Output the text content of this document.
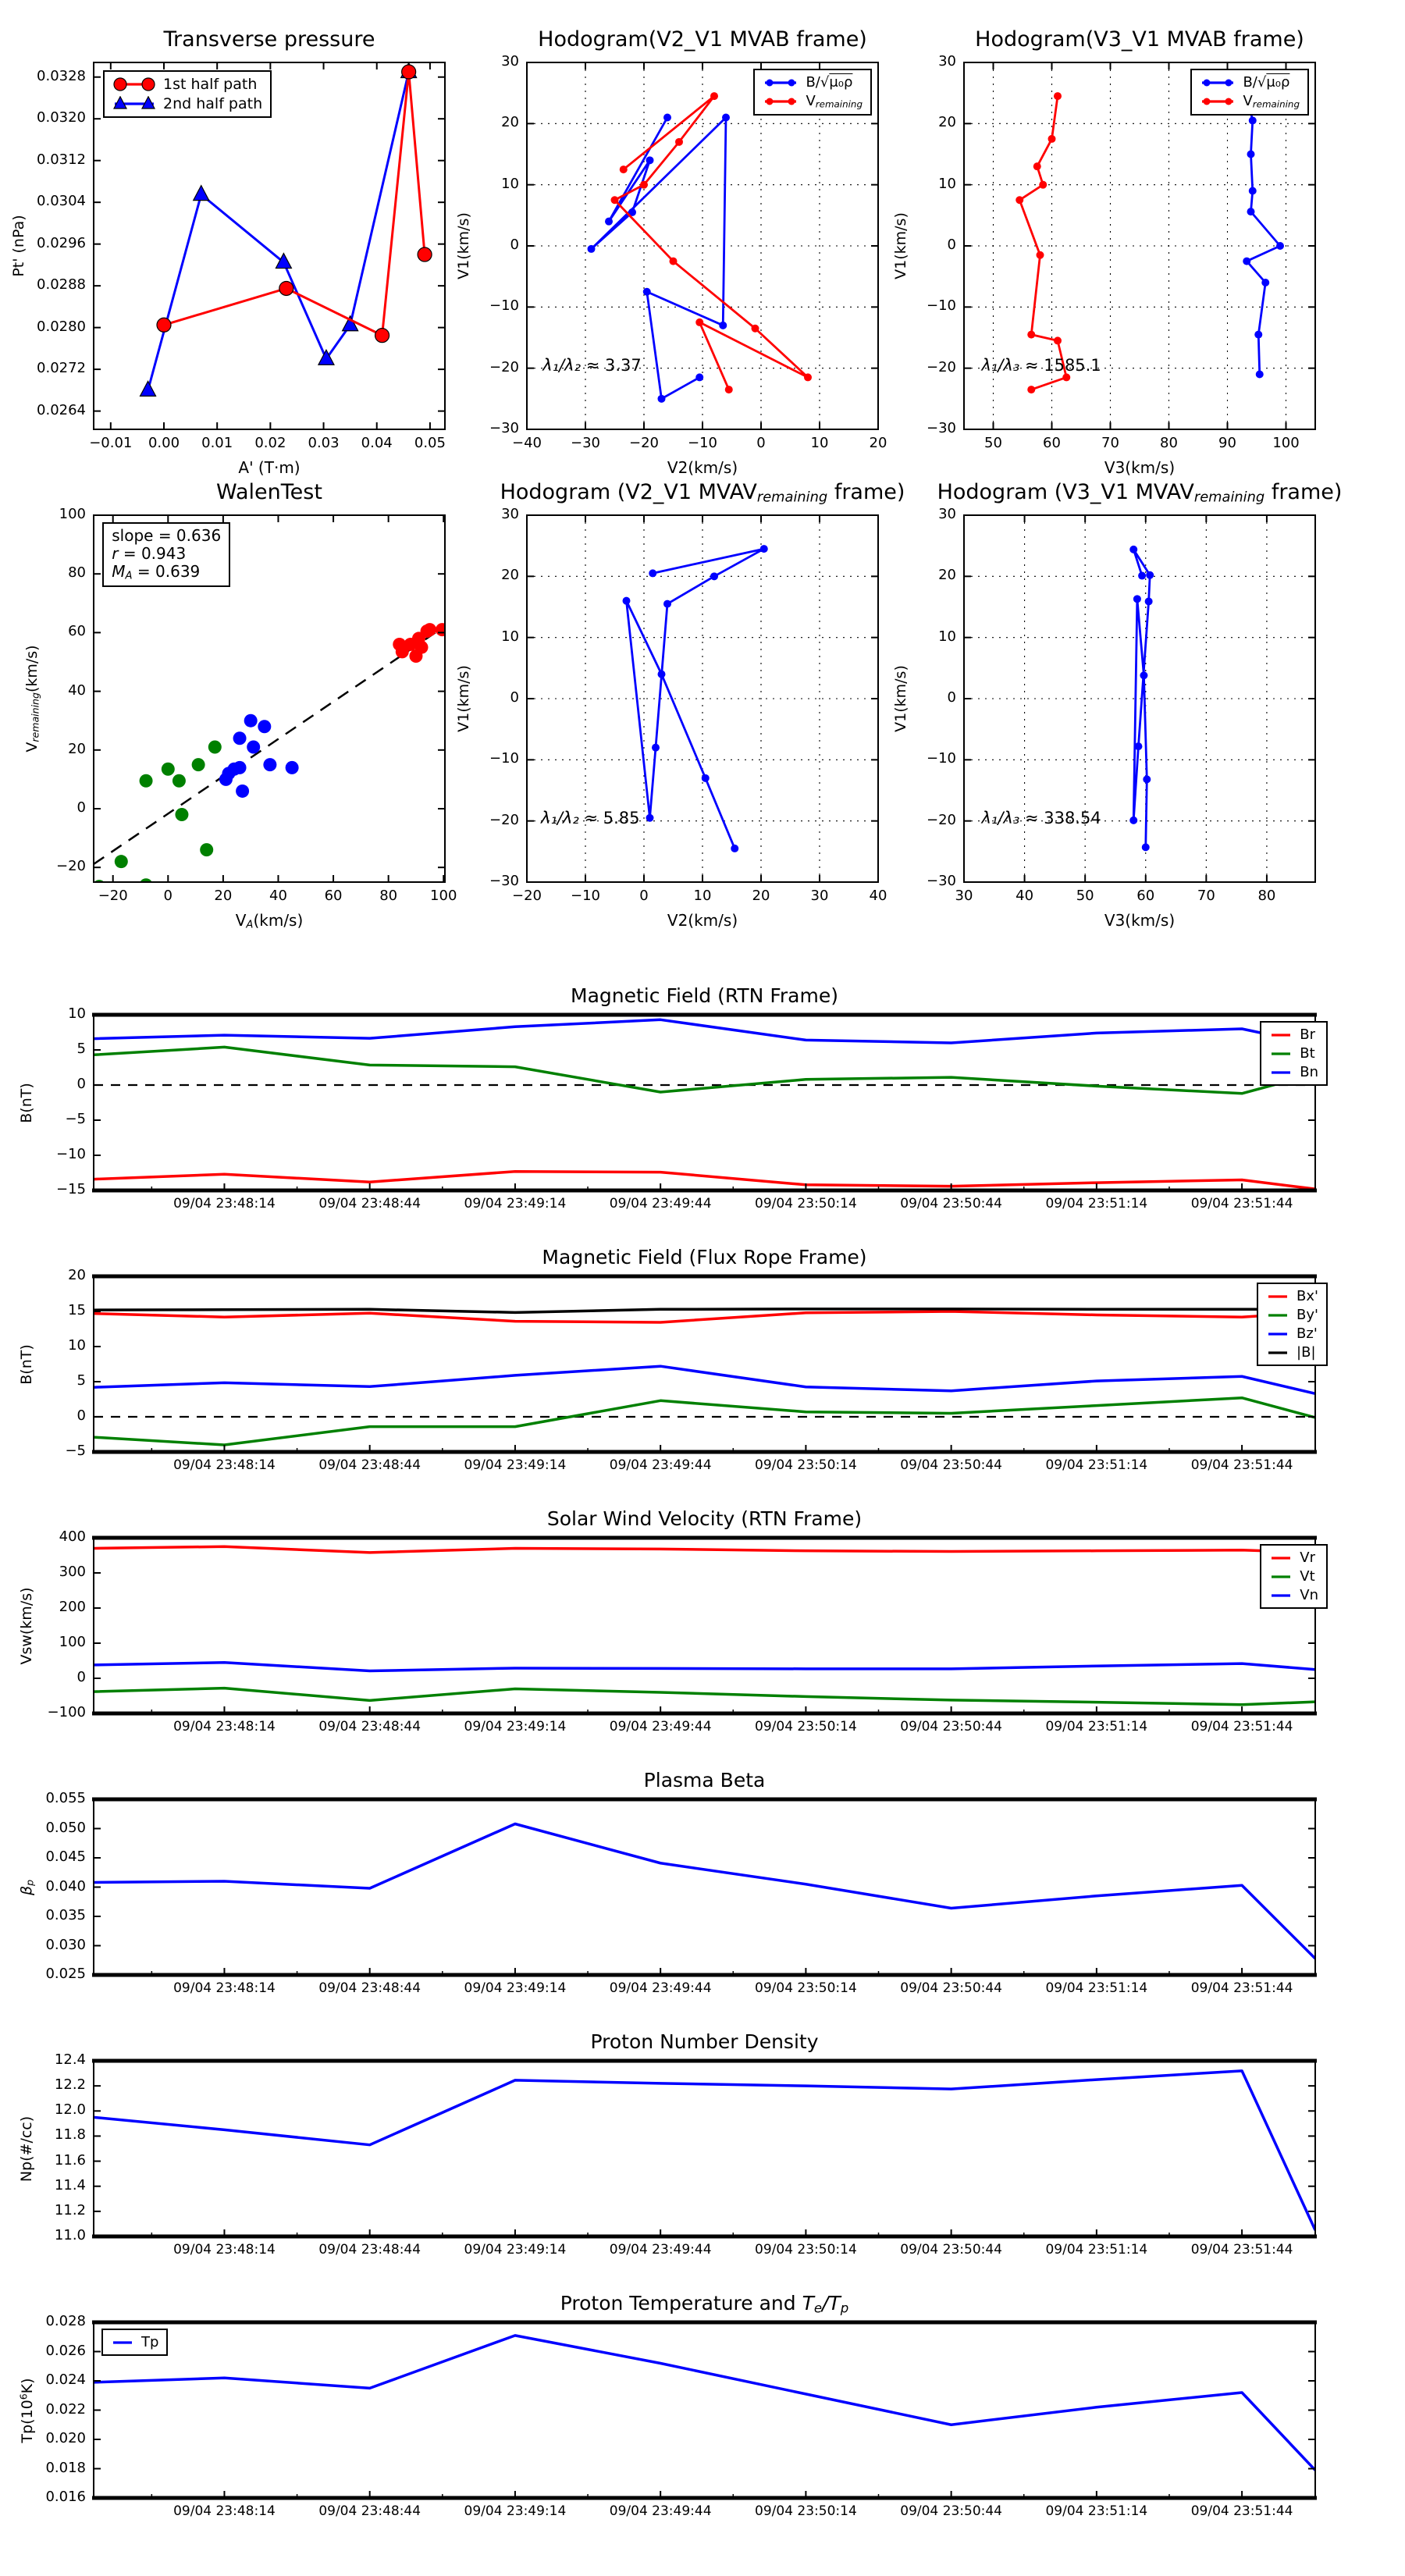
−0.01 0.00 0.01 0.02 0.03 0.04 0.05
0.0264
0.0272
0.0280
0.0288
0.0296
0.0304
0.0312
0.0320
0.0328
Transverse pressure
A' (T·m)
Pt' (nPa)
1st half path
2nd half path
−40 −30 −20 −10	0	10	20
30
20
10
0
−10
−20
−30
Hodogram(V2_V1 MVAB frame)
V2(km/s)
V1(km/s)
λ₁/λ₂ ≈ 3.37
B/√μ₀ρ
Vremaining
50	60	70	80	90	100
30
20
10
0
−10
−20
−30
Hodogram(V3_V1 MVAB frame)
V3(km/s)
V1(km/s)
λ₁/λ₃ ≈ 1585.1
B/√μ₀ρ
Vremaining
−20	0	20	40	60	80 100
100
80
60
40
20
0
−20
WalenTest
VA(km/s)
Vremaining(km/s)
slope = 0.636
r = 0.943
MA = 0.639
−20 −10	0	10	20	30	40
30
20
10
0
−10
−20
−30
Hodogram (V2_V1 MVAVremaining frame)
V2(km/s)
V1(km/s)
λ₁/λ₂ ≈ 5.85
30	40	50	60	70	80
30
20
10
0
−10
−20
−30
Hodogram (V3_V1 MVAVremaining frame)
V3(km/s)
V1(km/s)
λ₁/λ₃ ≈ 338.54
09/04 23:48:14	09/04 23:48:44	09/04 23:49:14	09/04 23:49:44	09/04 23:50:14	09/04 23:50:44	09/04 23:51:14	09/04 23:51:44
10
5
0
−5
−10
−15
Magnetic Field (RTN Frame)
B(nT)
Br
Bt
Bn
09/04 23:48:14	09/04 23:48:44	09/04 23:49:14	09/04 23:49:44	09/04 23:50:14	09/04 23:50:44	09/04 23:51:14	09/04 23:51:44
20
15
10
5
0
−5
Magnetic Field (Flux Rope Frame)
B(nT)
Bx'
By'
Bz'
|B|
09/04 23:48:14	09/04 23:48:44	09/04 23:49:14	09/04 23:49:44	09/04 23:50:14	09/04 23:50:44	09/04 23:51:14	09/04 23:51:44
400
300
200
100
0
−100
Solar Wind Velocity (RTN Frame)
Vsw(km/s)
Vr
Vt
Vn
09/04 23:48:14	09/04 23:48:44	09/04 23:49:14	09/04 23:49:44	09/04 23:50:14	09/04 23:50:44	09/04 23:51:14	09/04 23:51:44
0.055
0.050
0.045
0.040
0.035
0.030
0.025
Plasma Beta
βp
09/04 23:48:14	09/04 23:48:44	09/04 23:49:14	09/04 23:49:44	09/04 23:50:14	09/04 23:50:44	09/04 23:51:14	09/04 23:51:44
12.4
12.2
12.0
11.8
11.6
11.4
11.2
11.0
Proton Number Density
Np(#/cc)
09/04 23:48:14	09/04 23:48:44	09/04 23:49:14	09/04 23:49:44	09/04 23:50:14	09/04 23:50:44	09/04 23:51:14	09/04 23:51:44
0.028
0.026
0.024
0.022
0.020
0.018
0.016
Proton Temperature and Te/Tp
$Tp(10^6K)$
Tp
